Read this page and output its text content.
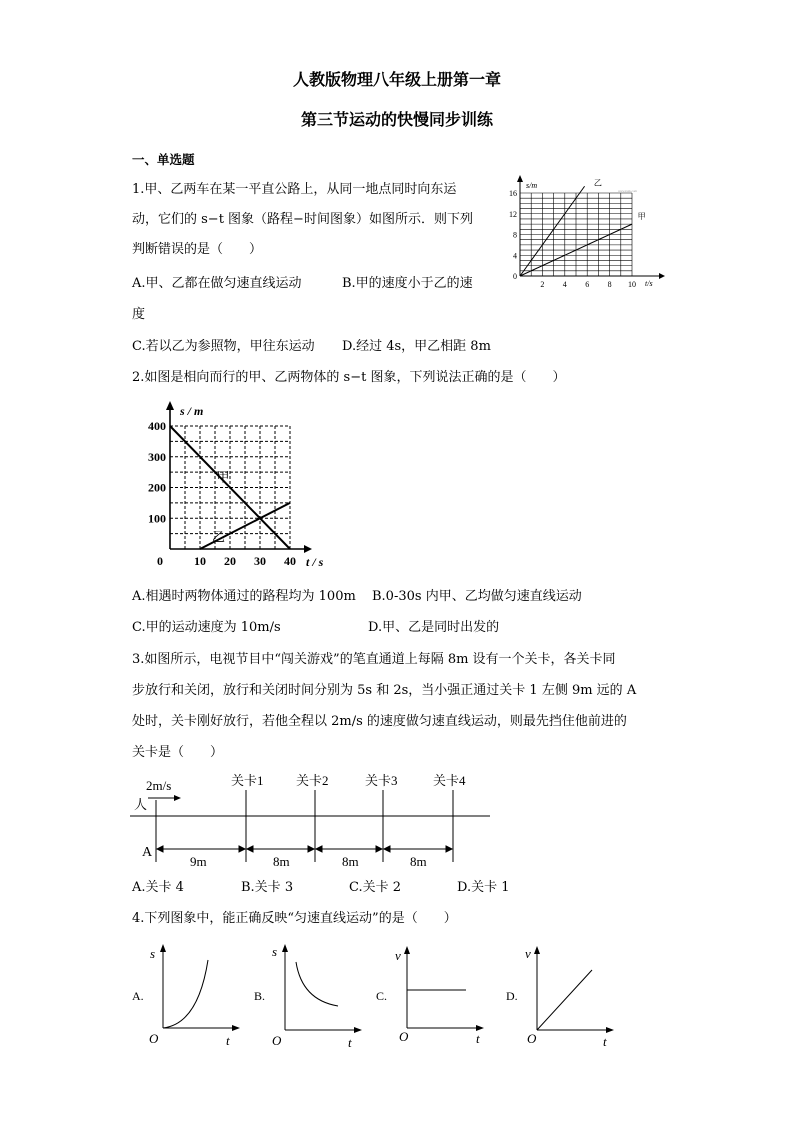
人教版物理八年级上册第一章
第三节运动的快慢同步训练
一、单选题
1.甲、乙两车在某一平直公路上，从同一地点同时向东运
动，它们的 s−t 图象（路程−时间图象）如图所示．则下列
判断错误的是（　　）
A.甲、乙都在做匀速直线运动	B.甲的速度小于乙的速
度
C.若以乙为参照物，甲往东运动 D.经过 4s，甲乙相距 8m
s/m
t/s
2 4 6 8 10
0
4
8
12
16
乙
甲
www.zxxk.com
2.如图是相向而行的甲、乙两物体的 s−t 图象，下列说法正确的是（　　）
s / m
t / s
0	10 20 30 40
100
200
300
400
甲
乙
A.相遇时两物体通过的路程均为 100m B.0-30s 内甲、乙均做匀速直线运动
C.甲的运动速度为 10m/s	D.甲、乙是同时出发的
3.如图所示，电视节目中“闯关游戏”的笔直通道上每隔 8m 设有一个关卡，各关卡同
步放行和关闭，放行和关闭时间分别为 5s 和 2s，当小强正通过关卡 1 左侧 9m 远的 A
处时，关卡刚好放行，若他全程以 2m/s 的速度做匀速直线运动，则最先挡住他前进的
关卡是（　　）
关卡1 关卡2	关卡3	关卡4
2m/s
人
A
9m	8m	8m	8m
A.关卡 4	B.关卡 3	C.关卡 2	D.关卡 1
4.下列图象中，能正确反映“匀速直线运动”的是（　　）
A.
s
t
O
B.
s
t
O
C.
v
t
O
D.
v
t
O
